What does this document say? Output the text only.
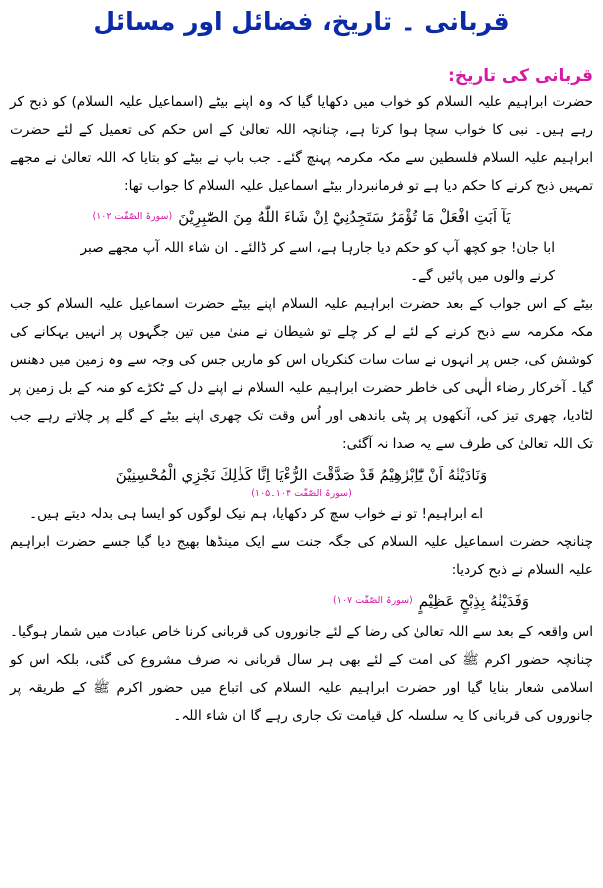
قربانی ۔ تاریخ، فضائل اور مسائل
قربانی کی تاریخ:

حضرت ابراہیم علیہ السلام کو خواب میں دکھایا گیا کہ وہ اپنے بیٹے (اسماعیل علیہ السلام) کو ذبح کر رہے ہیں۔ نبی کا خواب سچا ہوا کرتا ہے، چنانچہ اللہ تعالیٰ کے اس حکم کی تعمیل کے لئے حضرت ابراہیم علیہ السلام فلسطین سے مکہ مکرمہ پہنچ گئے۔ جب باپ نے بیٹے کو بتایا کہ اللہ تعالیٰ نے مجھے تمہیں ذبح کرنے کا حکم دیا ہے تو فرمانبردار بیٹے اسماعیل علیہ السلام کا جواب تھا:

يَآ اَبَتِ افْعَلْ مَا تُؤْمَرُ سَتَجِدُنِيْٓ اِنْ شَاءَ اللّٰهُ مِنَ الصّٰبِرِيْنَ
(سورۃ الصّٰفّٰت ۱۰۲)

ابا جان! جو کچھ آپ کو حکم دیا جارہا ہے، اسے کر ڈالئے۔ ان شاء اللہ آپ مجھے صبر

کرنے والوں میں پائیں گے۔

بیٹے کے اس جواب کے بعد حضرت ابراہیم علیہ السلام اپنے بیٹے حضرت اسماعیل علیہ السلام کو جب مکہ مکرمہ سے ذبح کرنے کے لئے لے کر چلے تو شیطان نے منیٰ میں تین جگہوں پر انہیں بہکانے کی کوشش کی، جس پر انہوں نے سات سات کنکریاں اس کو ماریں جس کی وجہ سے وہ زمین میں دھنس گیا۔ آخرکار رضاء الٰہی کی خاطر حضرت ابراہیم علیہ السلام نے اپنے دل کے ٹکڑے کو منہ کے بل زمین پر لٹادیا، چھری تیز کی، آنکھوں پر پٹی باندھی اور اُس وقت تک چھری اپنے بیٹے کے گلے پر چلاتے رہے جب تک اللہ تعالیٰ کی طرف سے یہ صدا نہ آگئی:

وَنَادَيْنٰهُ اَنْ يّٰٓاِبْرٰهِيْمُ قَدْ صَدَّقْتَ الرُّءْيَا اِنَّا كَذٰلِكَ نَجْزِي الْمُحْسِنِيْنَ
(سورۃ الصّٰفّٰت ۱۰۴۔۱۰۵)

اے ابراہیم! تو نے خواب سچ کر دکھایا، ہم نیک لوگوں کو ایسا ہی بدلہ دیتے ہیں۔

چنانچہ حضرت اسماعیل علیہ السلام کی جگہ جنت سے ایک مینڈھا بھیج دیا گیا جسے حضرت ابراہیم علیہ السلام نے ذبح کردیا:

وَفَدَيْنٰهُ بِذِبْحٍ عَظِيْمٍ
(سورۃ الصّٰفّٰت ۱۰۷)

اس واقعہ کے بعد سے اللہ تعالیٰ کی رضا کے لئے جانوروں کی قربانی کرنا خاص عبادت میں شمار ہوگیا۔ چنانچہ حضور اکرم ﷺ کی امت کے لئے بھی ہر سال قربانی نہ صرف مشروع کی گئی، بلکہ اس کو اسلامی شعار بنایا گیا اور حضرت ابراہیم علیہ السلام کی اتباع میں حضور اکرم ﷺ کے طریقہ پر جانوروں کی قربانی کا یہ سلسلہ کل قیامت تک جاری رہے گا ان شاء اللہ۔
